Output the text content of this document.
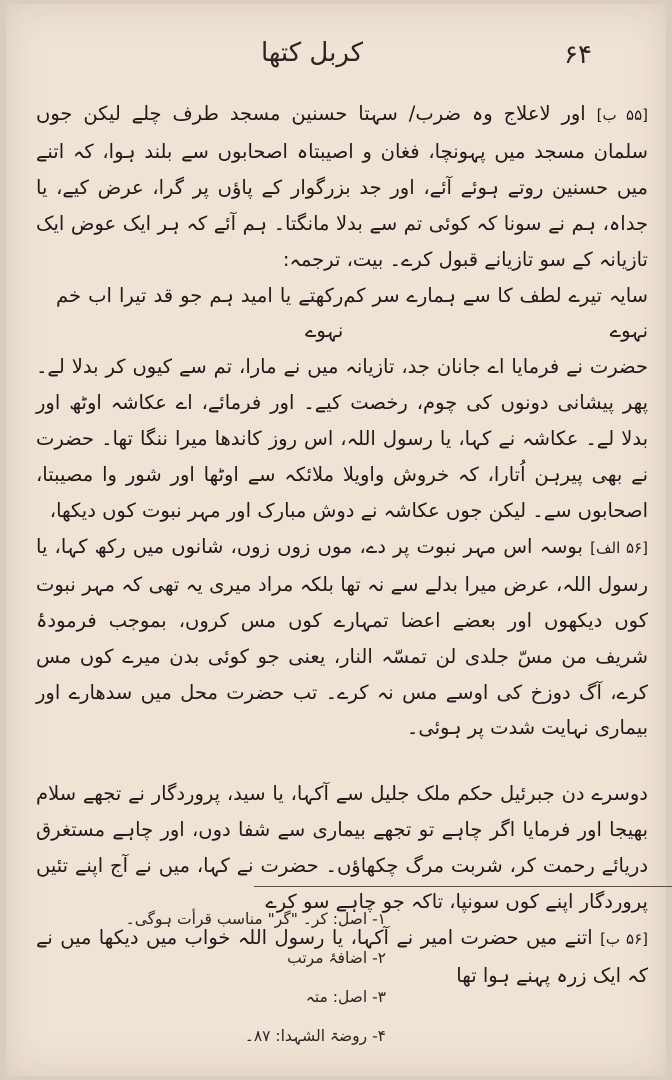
۶۴
کربل کتھا

[۵۵ ب] اور لاعلاج وہ ضرب/ سہتا حسنین مسجد طرف چلے لیکن جوں سلمان مسجد میں پہونچا، فغان و اصیبتاہ اصحابوں سے بلند ہوا، کہ اتنے میں حسنین روتے ہوئے آئے، اور جد بزرگوار کے پاؤں پر گرا، عرض کیے، یا جداہ، ہم نے سونا کہ کوئی تم سے بدلا مانگتا۔ ہم آئے کہ ہر ایک عوض ایک تازیانہ کے سو تازیانے قبول کرے۔ بیت، ترجمہ:

سایہ تیرے لطف کا سے ہمارے سر کم نہوے
رکھتے یا امید ہم جو قد تیرا اب خم نہوے

حضرت نے فرمایا اے جانان جد، تازیانہ میں نے مارا، تم سے کیوں کر بدلا لے۔ پھر پیشانی دونوں کی چوم، رخصت کیے۔ اور فرمائے، اے عکاشہ اوٹھ اور بدلا لے۔ عکاشہ نے کہا، یا رسول اللہ، اس روز کاندھا میرا ننگا تھا۔ حضرت نے بھی پیرہن اُتارا، کہ خروش واویلا ملائکہ سے اوٹھا اور شور وا مصیبتا، اصحابوں سے۔ لیکن جوں عکاشہ نے دوش مبارک اور مہر نبوت کوں دیکھا،

[۵۶ الف] بوسہ اس مہر نبوت پر دے، موں زوں زوں، شانوں میں رکھ کہا، یا رسول اللہ، عرض میرا بدلے سے نہ تھا بلکہ مراد میری یہ تھی کہ مہر نبوت کوں دیکھوں اور بعضے اعضا تمہارے کوں مس کروں، بموجب فرمودۂ شریف من مسّ جلدی لن تمسّہ النار، یعنی جو کوئی بدن میرے کوں مس کرے، آگ دوزخ کی اوسے مس نہ کرے۔ تب حضرت محل میں سدھارے اور بیماری نہایت شدت پر ہوئی۔

دوسرے دن جبرئیل حکم ملک جلیل سے آکہا، یا سید، پروردگار نے تجھے سلام بھیجا اور فرمایا اگر چاہے تو تجھے بیماری سے شفا دوں، اور چاہے مستغرق دریائے رحمت کر، شربت مرگ چکھاؤں۔ حضرت نے کہا، میں نے آج اپنے تئیں پروردگار اپنے کوں سونپا، تاکہ جو چاہے سو کرے

[۵۶ ب] اتنے میں حضرت امیر نے آکہا، یا رسول اللہ خواب میں دیکھا میں نے کہ ایک زرہ پہنے ہوا تھا

۱- اصل: کر۔ "گر" مناسب قرأت ہوگی۔

۲- اضافۂ مرتب

۳- اصل: متہ

۴- روضۃ الشہدا: ۸۷۔
